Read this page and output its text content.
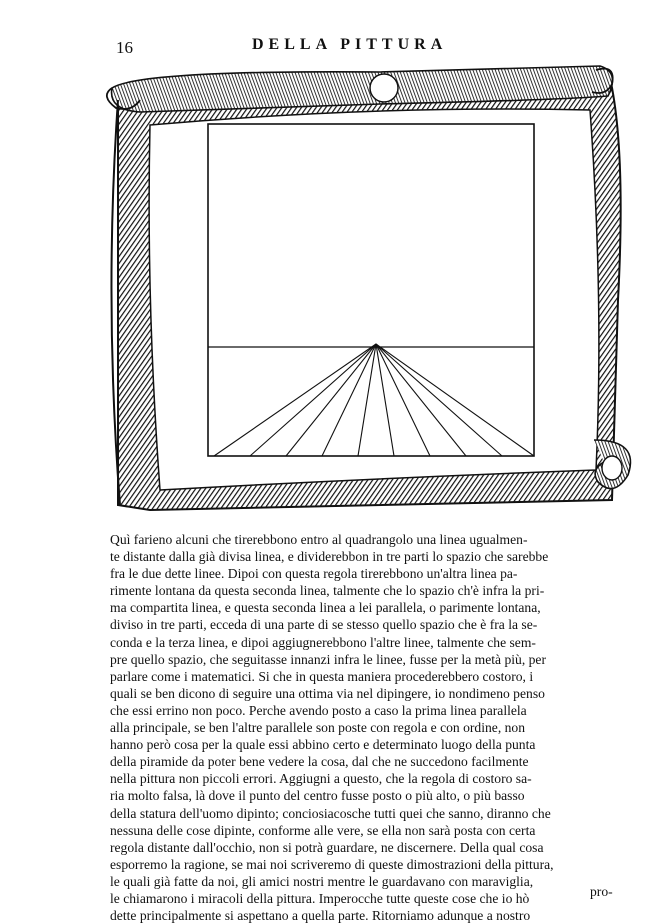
16	DELLA PITTURA
Quì farieno alcuni che tirerebbono entro al quadrangolo una linea ugualmen-
te distante dalla già divisa linea, e dividerebbon in tre parti lo spazio che sarebbe
fra le due dette linee. Dipoi con questa regola tirerebbono un'altra linea pa-
rimente lontana da questa seconda linea, talmente che lo spazio ch'è infra la pri-
ma compartita linea, e questa seconda linea a lei parallela, o parimente lontana,
diviso in tre parti, ecceda di una parte di se stesso quello spazio che è fra la se-
conda e la terza linea, e dipoi aggiugnerebbono l'altre linee, talmente che sem-
pre quello spazio, che seguitasse innanzi infra le linee, fusse per la metà più, per
parlare come i matematici. Si che in questa maniera procederebbero costoro, i
quali se ben dicono di seguire una ottima via nel dipingere, io nondimeno penso
che essi errino non poco. Perche avendo posto a caso la prima linea parallela
alla principale, se ben l'altre parallele son poste con regola e con ordine, non
hanno però cosa per la quale essi abbino certo e determinato luogo della punta
della piramide da poter bene vedere la cosa, dal che ne succedono facilmente
nella pittura non piccoli errori. Aggiugni a questo, che la regola di costoro sa-
ria molto falsa, là dove il punto del centro fusse posto o più alto, o più basso
della statura dell'uomo dipinto; conciosiacosche tutti quei che sanno, diranno che
nessuna delle cose dipinte, conforme alle vere, se ella non sarà posta con certa
regola distante dall'occhio, non si potrà guardare, ne discernere. Della qual cosa
esporremo la ragione, se mai noi scriveremo di queste dimostrazioni della pittura,
le quali già fatte da noi, gli amici nostri mentre le guardavano con maraviglia,
le chiamarono i miracoli della pittura. Imperocche tutte queste cose che io hò
dette principalmente si aspettano a quella parte. Ritorniamo adunque a nostro
pro-
